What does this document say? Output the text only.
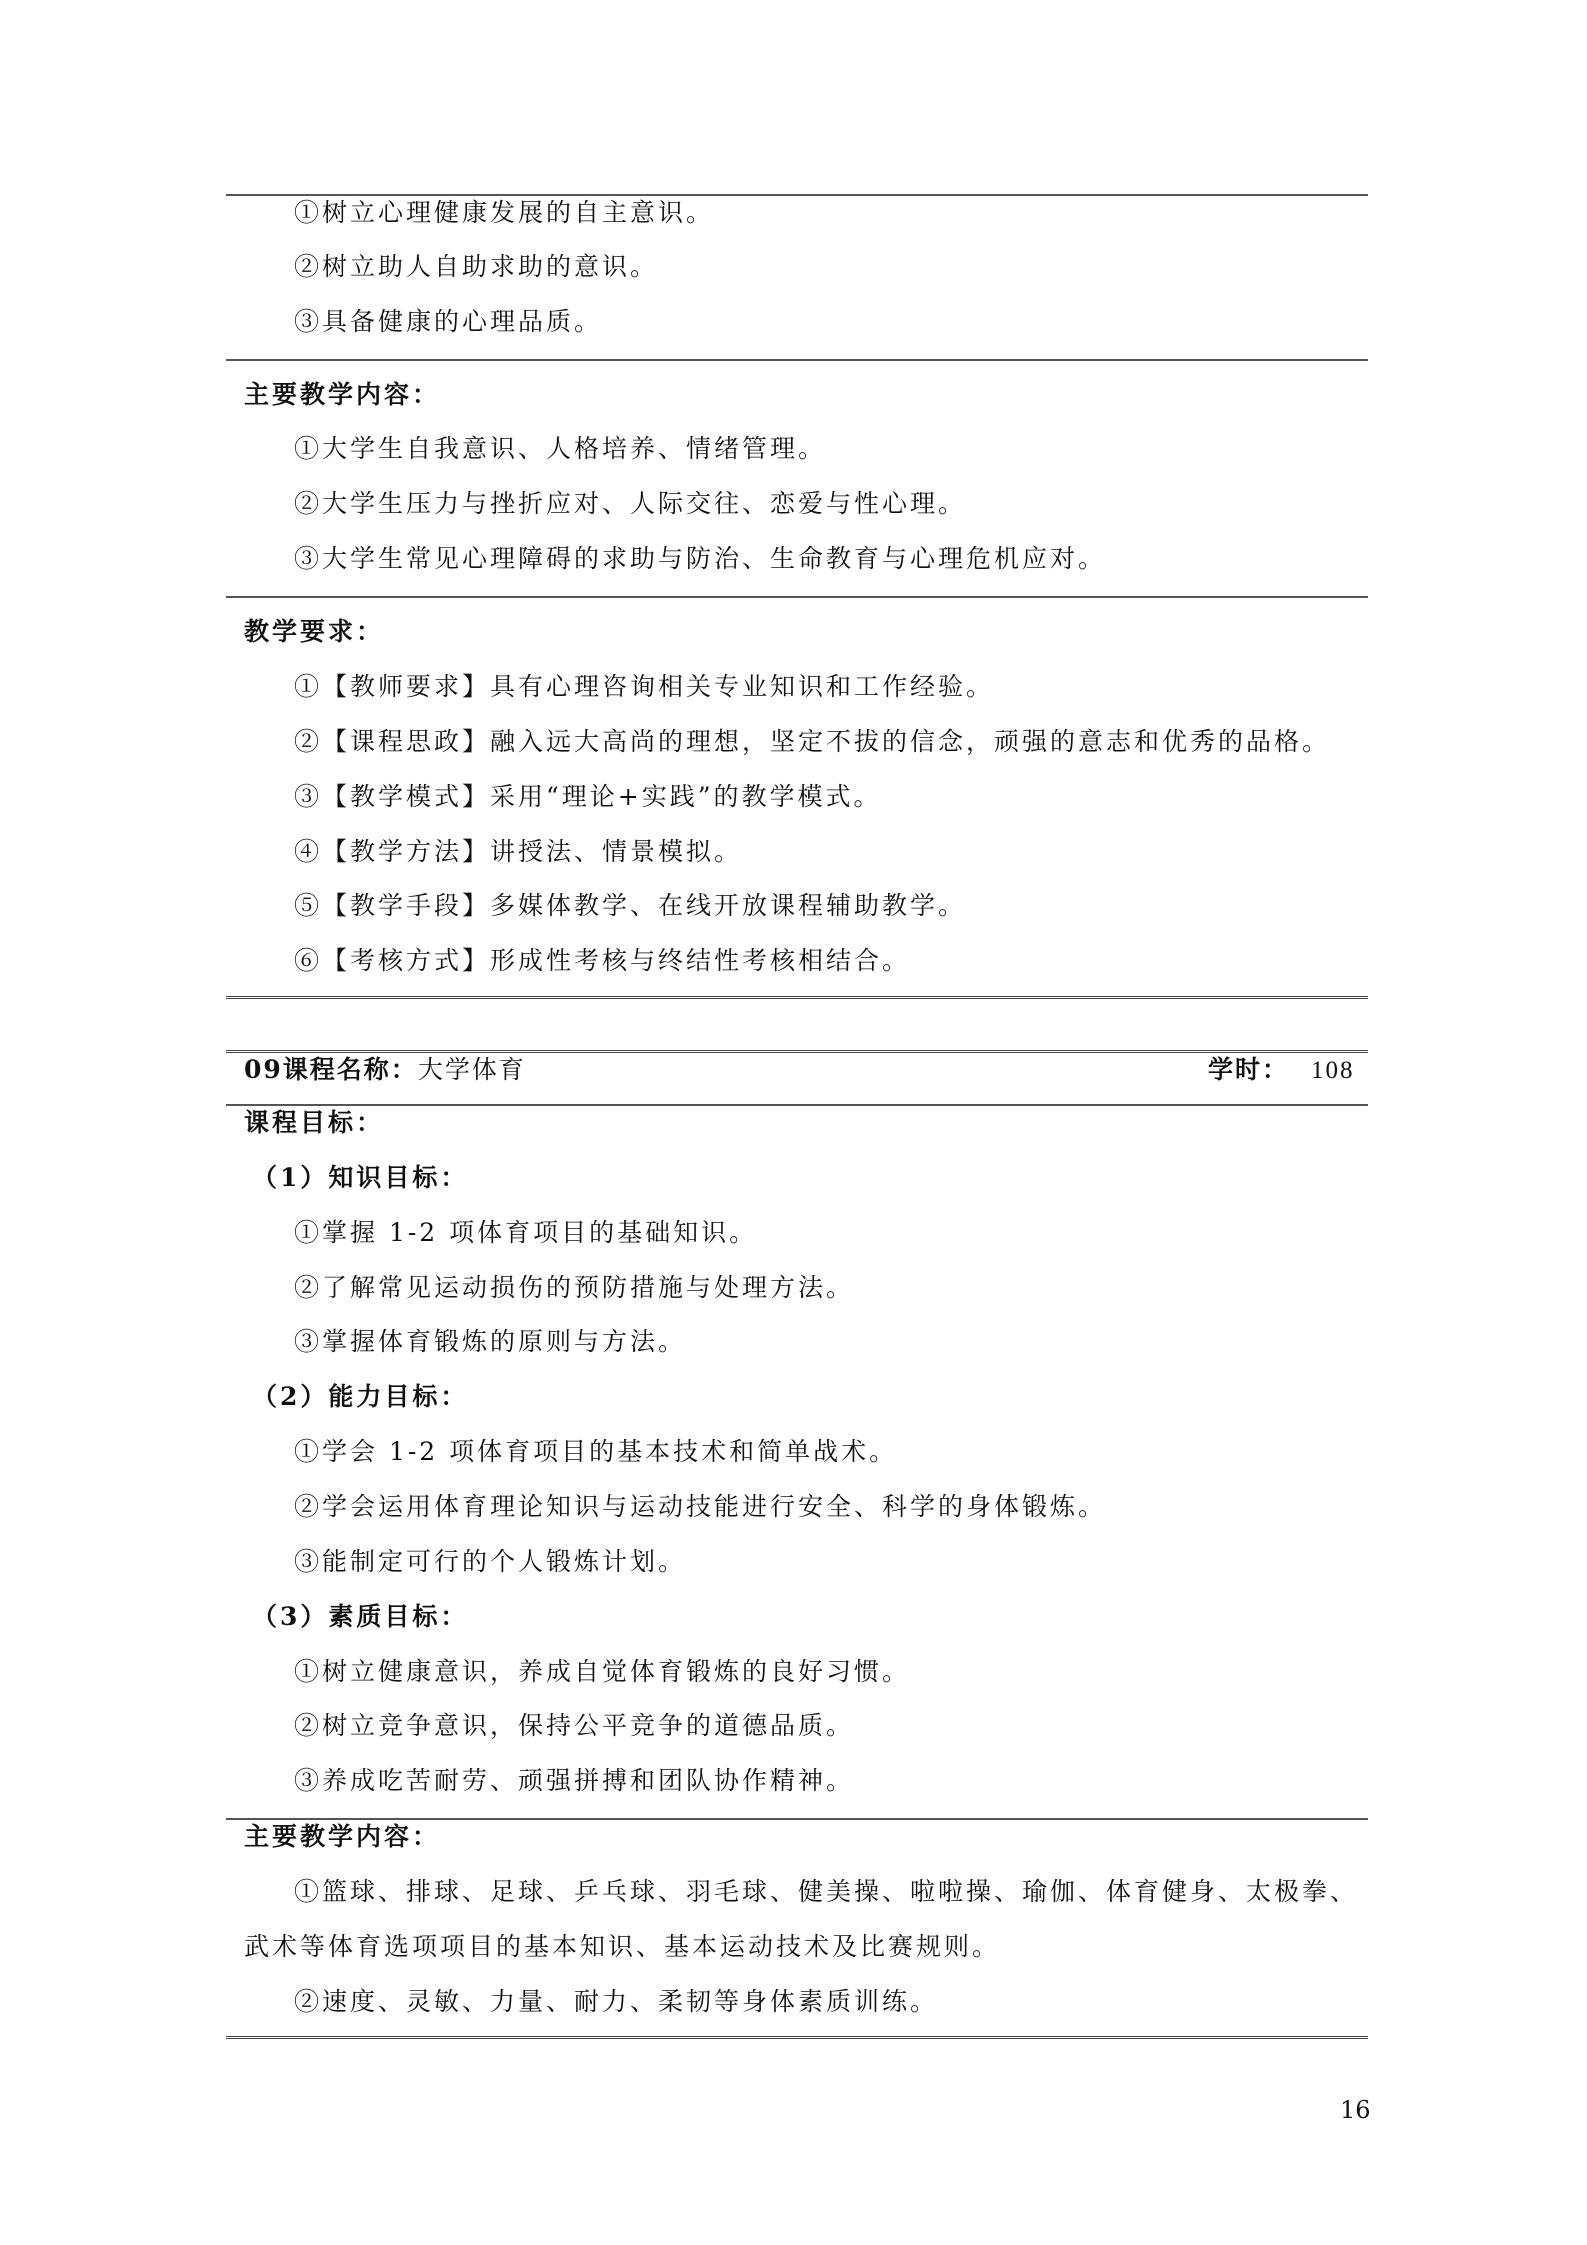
①树立心理健康发展的自主意识。
②树立助人自助求助的意识。
③具备健康的心理品质。
主要教学内容：
①大学生自我意识、人格培养、情绪管理。
②大学生压力与挫折应对、人际交往、恋爱与性心理。
③大学生常见心理障碍的求助与防治、生命教育与心理危机应对。
教学要求：
①【教师要求】具有心理咨询相关专业知识和工作经验。
②【课程思政】融入远大高尚的理想，坚定不拔的信念，顽强的意志和优秀的品格。
③【教学模式】采用“理论+实践”的教学模式。
④【教学方法】讲授法、情景模拟。
⑤【教学手段】多媒体教学、在线开放课程辅助教学。
⑥【考核方式】形成性考核与终结性考核相结合。
09课程名称：大学体育	学时： 108
课程目标：
（1）知识目标：
①掌握 1-2 项体育项目的基础知识。
②了解常见运动损伤的预防措施与处理方法。
③掌握体育锻炼的原则与方法。
（2）能力目标：
①学会 1-2 项体育项目的基本技术和简单战术。
②学会运用体育理论知识与运动技能进行安全、科学的身体锻炼。
③能制定可行的个人锻炼计划。
（3）素质目标：
①树立健康意识，养成自觉体育锻炼的良好习惯。
②树立竞争意识，保持公平竞争的道德品质。
③养成吃苦耐劳、顽强拼搏和团队协作精神。
主要教学内容：
①篮球、排球、足球、乒乓球、羽毛球、健美操、啦啦操、瑜伽、体育健身、太极拳、
武术等体育选项项目的基本知识、基本运动技术及比赛规则。
②速度、灵敏、力量、耐力、柔韧等身体素质训练。
16
